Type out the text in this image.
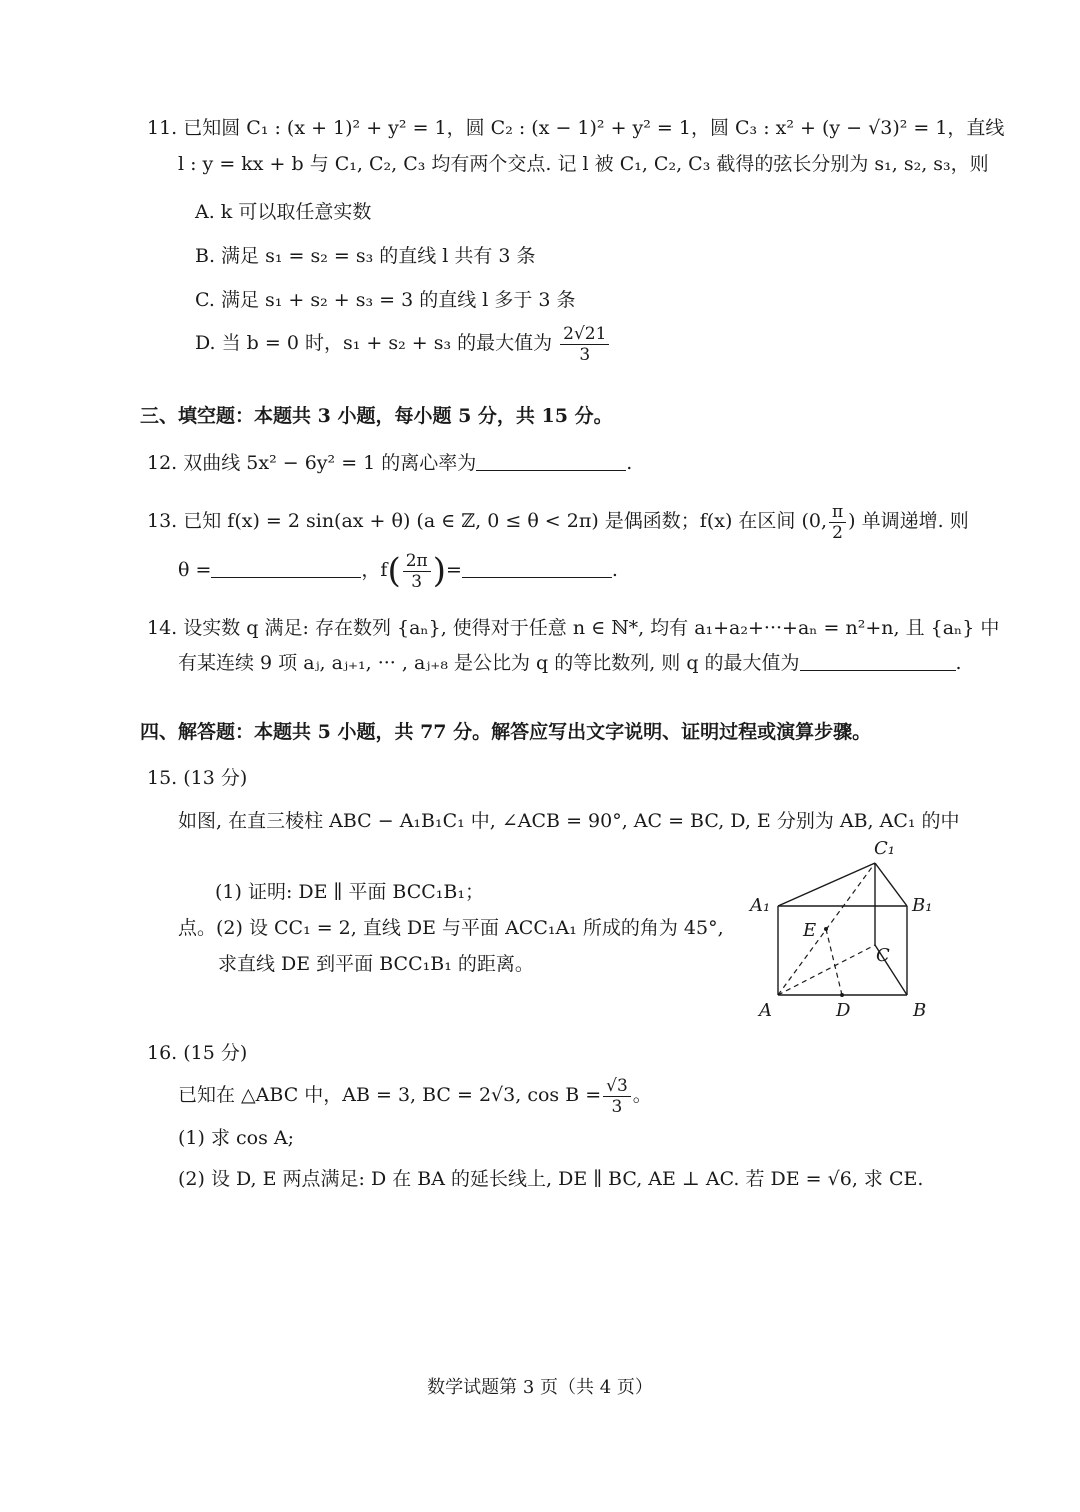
11. 已知圆 C₁ : (x + 1)² + y² = 1，圆 C₂ : (x − 1)² + y² = 1，圆 C₃ : x² + (y − √3)² = 1，直线
l : y = kx + b 与 C₁, C₂, C₃ 均有两个交点. 记 l 被 C₁, C₂, C₃ 截得的弦长分别为 s₁, s₂, s₃，则
A. k 可以取任意实数
B. 满足 s₁ = s₂ = s₃ 的直线 l 共有 3 条
C. 满足 s₁ + s₂ + s₃ = 3 的直线 l 多于 3 条
D. 当 b = 0 时，s₁ + s₂ + s₃ 的最大值为 $\frac{2√21}{3}$
三、填空题：本题共 3 小题，每小题 5 分，共 15 分。
12. 双曲线 5x² − 6y² = 1 的离心率为	.
13. 已知 f(x) = 2 sin(ax + θ) (a ∈ ℤ, 0 ≤ θ < 2π) 是偶函数；f(x) 在区间 (0, $\frac{\pi}{2}$ ) 单调递增. 则
θ =	，$f( \frac{2\pi}{3}$ )=	.
14. 设实数 q 满足: 存在数列 {aₙ}, 使得对于任意 n ∈ ℕ*, 均有 a₁+a₂+···+aₙ = n²+n, 且 {aₙ} 中
有某连续 9 项 aⱼ, aⱼ₊₁, ··· , aⱼ₊₈ 是公比为 q 的等比数列, 则 q 的最大值为	.
四、解答题：本题共 5 小题，共 77 分。解答应写出文字说明、证明过程或演算步骤。
15. (13 分)
如图, 在直三棱柱 ABC − A₁B₁C₁ 中, ∠ACB = 90°, AC = BC, D, E 分别为 AB, AC₁ 的中
(1) 证明: DE ∥ 平面 BCC₁B₁；
点。(2) 设 CC₁ = 2, 直线 DE 与平面 ACC₁A₁ 所成的角为 45°,
求直线 DE 到平面 BCC₁B₁ 的距离。
C₁
A₁	B₁
E
C
A	D	B
16. (15 分)
已知在 △ABC 中，AB = 3, BC = 2√3, $\cos B = \frac{√3}{3}$ 。
(1) 求 cos A;
(2) 设 D, E 两点满足: D 在 BA 的延长线上, DE ∥ BC, AE ⊥ AC. 若 DE = √6, 求 CE.
数学试题第 3 页（共 4 页）
